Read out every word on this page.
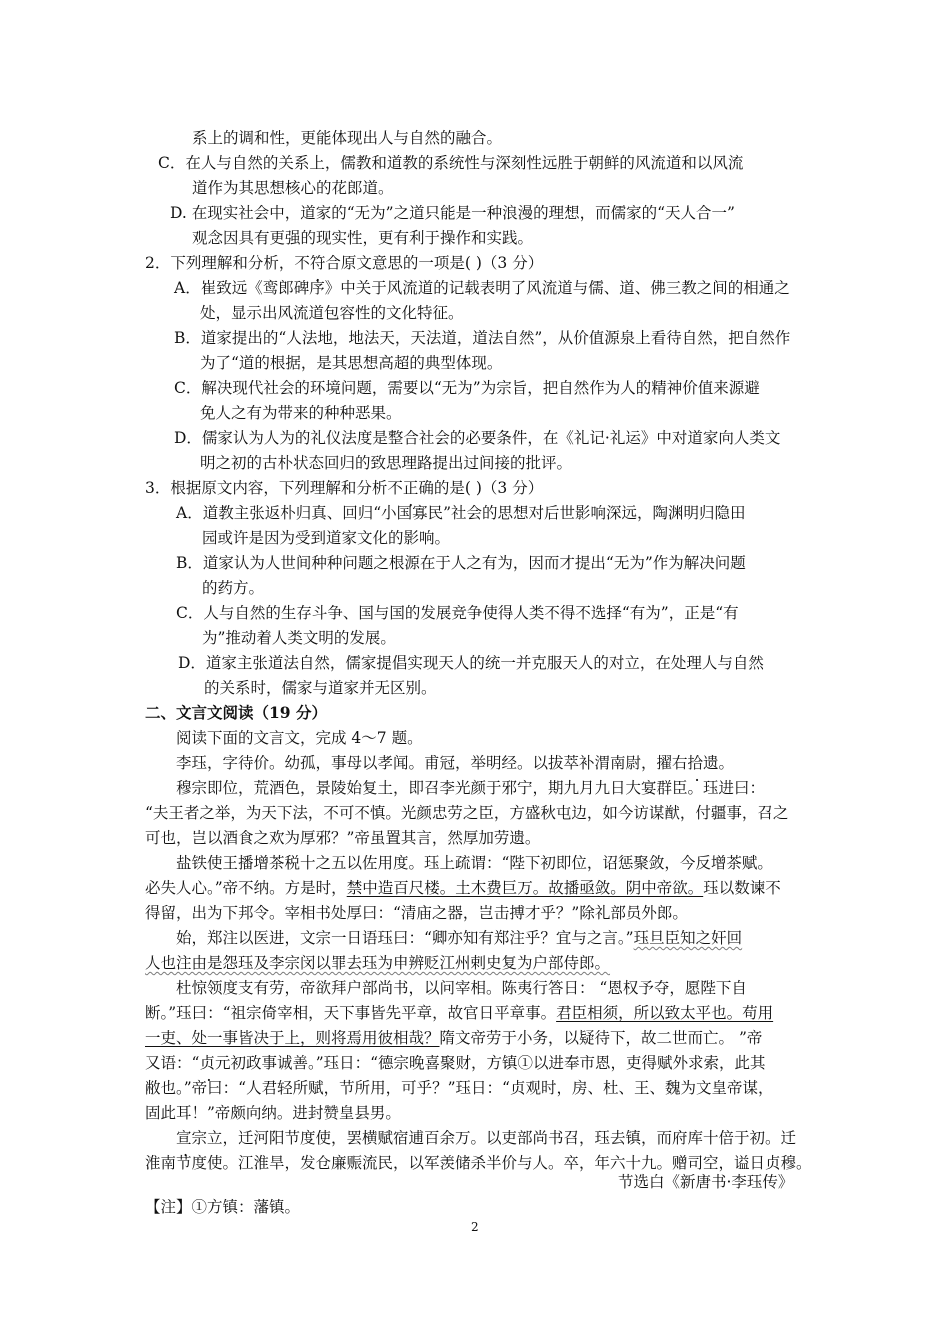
系上的调和性，更能体现出人与自然的融合。
C．在人与自然的关系上，儒教和道教的系统性与深刻性远胜于朝鲜的风流道和以风流
道作为其思想核心的花郎道。
D. 在现实社会中，道家的“无为”之道只能是一种浪漫的理想，而儒家的“天人合一”
观念因具有更强的现实性，更有利于操作和实践。
2．下列理解和分析，不符合原文意思的一项是( )（3 分）
A．崔致远《鸾郎碑序》中关于风流道的记载表明了风流道与儒、道、佛三教之间的相通之
处，显示出风流道包容性的文化特征。
B．道家提出的“人法地，地法天，天法道，道法自然”，从价值源泉上看待自然，把自然作
为了“道的根据，是其思想高超的典型体现。
C．解决现代社会的环境问题，需要以“无为”为宗旨，把自然作为人的精神价值来源避
免人之有为带来的种种恶果。
D．儒家认为人为的礼仪法度是整合社会的必要条件，在《礼记·礼运》中对道家向人类文
明之初的古朴状态回归的致思理路提出过间接的批评。
3．根据原文内容，下列理解和分析不正确的是( )（3 分）
A．道教主张返朴归真、回归“小国寡民”社会的思想对后世影响深远，陶渊明归隐田
园或许是因为受到道家文化的影响。
B．道家认为人世间种种问题之根源在于人之有为，因而才提出“无为”作为解决问题
的药方。
C．人与自然的生存斗争、国与国的发展竞争使得人类不得不选择“有为”，正是“有
为”推动着人类文明的发展。
D．道家主张道法自然，儒家提倡实现天人的统一并克服天人的对立，在处理人与自然
的关系时，儒家与道家并无区别。
二、文言文阅读（19 分）
阅读下面的文言文，完成 4～7 题。
李珏，字待价。幼孤，事母以孝闻。甫冠，举明经。以拔萃补渭南尉，擢右拾遗。
穆宗即位，荒酒色，景陵始复土，即召李光颜于邪宁，期九月九日大宴群臣。珏进曰：
“夫王者之举，为天下法，不可不慎。光颜忠劳之臣，方盛秋屯边，如今访谋猷，付疆事，召之
可也，岂以酒食之欢为厚邪？”帝虽置其言，然厚加劳遗。
盐铁使王播增茶税十之五以佐用度。珏上疏谓：“陛下初即位，诏惩聚敛，今反增茶赋。
必失人心。”帝不纳。方是时，禁中造百尺楼。土木费巨万。故播亟敛。阴中帝欲。珏以数谏不
得留，出为下邦令。宰相书处厚曰：“清庙之器，岂击搏才乎？”除礼部员外郎。
始，郑注以医进，文宗一日语珏曰：“卿亦知有郑注乎？宜与之言。”珏旦臣知之奸回
人也注由是怨珏及李宗闵以罪去珏为申辨贬江州剌史复为户部侍郎。
杜惊领度支有劳，帝欲拜户部尚书，以问宰相。陈夷行答日： “恩权予夺，愿陛下自
断。”珏曰：“祖宗倚宰相，天下事皆先平章，故官日平章事。君臣相须，所以致太平也。苟用
一吏、处一事皆决于上，则将焉用彼相哉？隋文帝劳于小务，以疑待下，故二世而亡。 ”帝
又语：“贞元初政事诚善。”珏日：“德宗晚喜聚财，方镇①以进奉市恩，吏得赋外求索，此其
敝也。”帝曰：“人君轻所赋，节所用，可乎？”珏日：“贞观时，房、杜、王、魏为文皇帝谋，
固此耳！”帝颇向纳。进封赞皇县男。
宣宗立，迁河阳节度使，罢横赋宿逋百余万。以吏部尚书召，珏去镇，而府库十倍于初。迁
淮南节度使。江淮旱，发仓廉赈流民，以军羡储杀半价与人。卒，年六十九。赠司空，谥日贞穆。
节选白《新唐书·李珏传》
【注】①方镇：藩镇。
2
